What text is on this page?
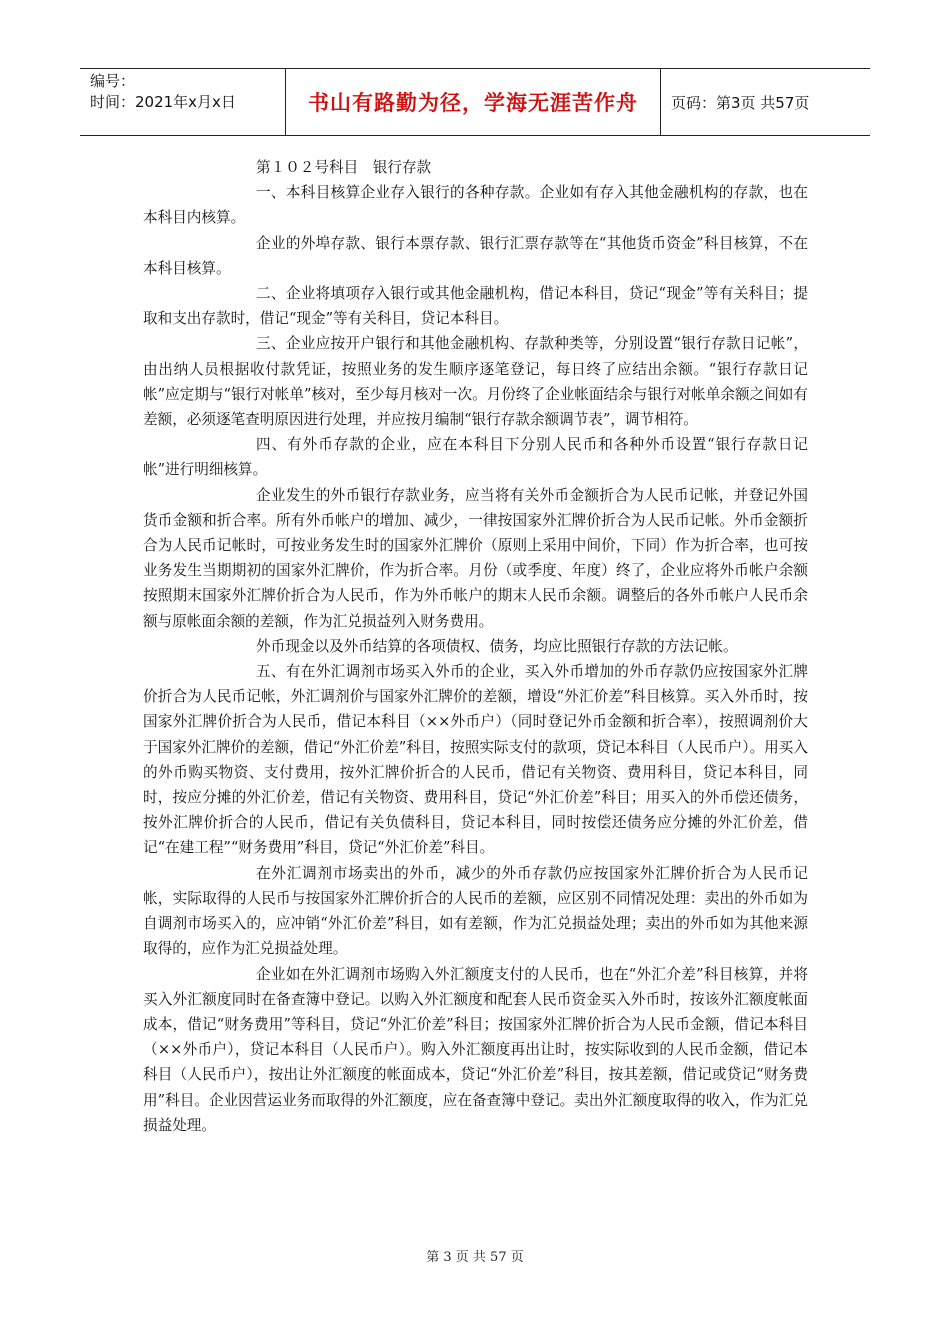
编号：
时间：2021年x月x日	书山有路勤为径，学海无涯苦作舟 页码：第3页 共57页

第１０２号科目　银行存款

一、本科目核算企业存入银行的各种存款。企业如有存入其他金融机构的存款，也在本科目内核算。

企业的外埠存款、银行本票存款、银行汇票存款等在“其他货币资金”科目核算，不在本科目核算。

二、企业将填项存入银行或其他金融机构，借记本科目，贷记“现金”等有关科目；提取和支出存款时，借记“现金”等有关科目，贷记本科目。

三、企业应按开户银行和其他金融机构、存款种类等，分别设置“银行存款日记帐”，由出纳人员根据收付款凭证，按照业务的发生顺序逐笔登记，每日终了应结出余额。“银行存款日记帐”应定期与“银行对帐单”核对，至少每月核对一次。月份终了企业帐面结余与银行对帐单余额之间如有差额，必须逐笔查明原因进行处理，并应按月编制“银行存款余额调节表”，调节相符。

四、有外币存款的企业，应在本科目下分别人民币和各种外币设置“银行存款日记帐”进行明细核算。

企业发生的外币银行存款业务，应当将有关外币金额折合为人民币记帐，并登记外国货币金额和折合率。所有外币帐户的增加、减少，一律按国家外汇牌价折合为人民币记帐。外币金额折合为人民币记帐时，可按业务发生时的国家外汇牌价（原则上采用中间价，下同）作为折合率，也可按业务发生当期期初的国家外汇牌价，作为折合率。月份（或季度、年度）终了，企业应将外币帐户余额按照期末国家外汇牌价折合为人民币，作为外币帐户的期末人民币余额。调整后的各外币帐户人民币余额与原帐面余额的差额，作为汇兑损益列入财务费用。

外币现金以及外币结算的各项债权、债务，均应比照银行存款的方法记帐。

五、有在外汇调剂市场买入外币的企业，买入外币增加的外币存款仍应按国家外汇牌价折合为人民币记帐，外汇调剂价与国家外汇牌价的差额，增设“外汇价差”科目核算。买入外币时，按国家外汇牌价折合为人民币，借记本科目（××外币户）（同时登记外币金额和折合率），按照调剂价大于国家外汇牌价的差额，借记“外汇价差”科目，按照实际支付的款项，贷记本科目（人民币户）。用买入的外币购买物资、支付费用，按外汇牌价折合的人民币，借记有关物资、费用科目，贷记本科目，同时，按应分摊的外汇价差，借记有关物资、费用科目，贷记“外汇价差”科目；用买入的外币偿还债务，按外汇牌价折合的人民币，借记有关负债科目，贷记本科目，同时按偿还债务应分摊的外汇价差，借记“在建工程”“财务费用”科目，贷记“外汇价差”科目。

在外汇调剂市场卖出的外币，减少的外币存款仍应按国家外汇牌价折合为人民币记帐，实际取得的人民币与按国家外汇牌价折合的人民币的差额，应区别不同情况处理：卖出的外币如为自调剂市场买入的，应冲销“外汇价差”科目，如有差额，作为汇兑损益处理；卖出的外币如为其他来源取得的，应作为汇兑损益处理。

企业如在外汇调剂市场购入外汇额度支付的人民币，也在“外汇介差”科目核算，并将买入外汇额度同时在备查簿中登记。以购入外汇额度和配套人民币资金买入外币时，按该外汇额度帐面成本，借记“财务费用”等科目，贷记“外汇价差”科目；按国家外汇牌价折合为人民币金额，借记本科目（××外币户），贷记本科目（人民币户）。购入外汇额度再出让时，按实际收到的人民币金额，借记本科目（人民币户），按出让外汇额度的帐面成本，贷记“外汇价差”科目，按其差额，借记或贷记“财务费用”科目。企业因营运业务而取得的外汇额度，应在备查簿中登记。卖出外汇额度取得的收入，作为汇兑损益处理。

第 3 页 共 57 页
